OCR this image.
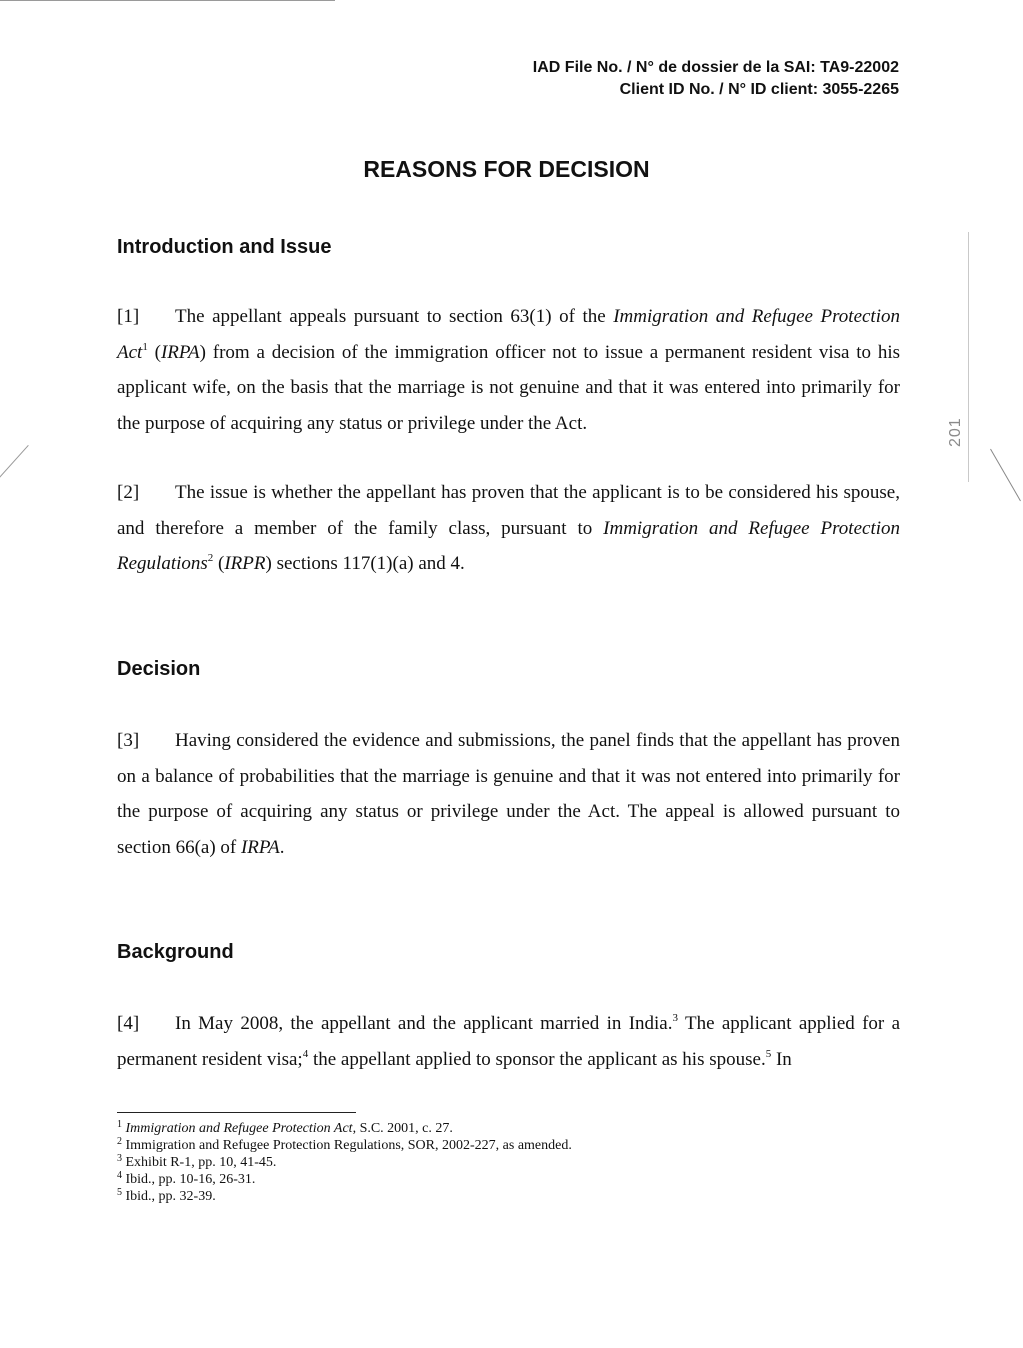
201
IAD File No. / N° de dossier de la SAI: TA9-22002
Client ID No. / N° ID client: 3055-2265
REASONS FOR DECISION
Introduction and Issue

[1] The appellant appeals pursuant to section 63(1) of the Immigration and Refugee Protection Act$^1$ (IRPA) from a decision of the immigration officer not to issue a permanent resident visa to his applicant wife, on the basis that the marriage is not genuine and that it was entered into primarily for the purpose of acquiring any status or privilege under the Act.

[2] The issue is whether the appellant has proven that the applicant is to be considered his spouse, and therefore a member of the family class, pursuant to Immigration and Refugee Protection Regulations$^2$ (IRPR) sections 117(1)(a) and 4.

Decision

[3] Having considered the evidence and submissions, the panel finds that the appellant has proven on a balance of probabilities that the marriage is genuine and that it was not entered into primarily for the purpose of acquiring any status or privilege under the Act. The appeal is allowed pursuant to section 66(a) of IRPA.

Background

[4] In May 2008, the appellant and the applicant married in India.$^3$ The applicant applied for a permanent resident visa;$^4$ the appellant applied to sponsor the applicant as his spouse.$^5$ In

$^1$ Immigration and Refugee Protection Act, S.C. 2001, c. 27.
$^2$ Immigration and Refugee Protection Regulations, SOR, 2002-227, as amended.
$^3$ Exhibit R-1, pp. 10, 41-45.
$^4$ Ibid., pp. 10-16, 26-31.
$^5$ Ibid., pp. 32-39.
